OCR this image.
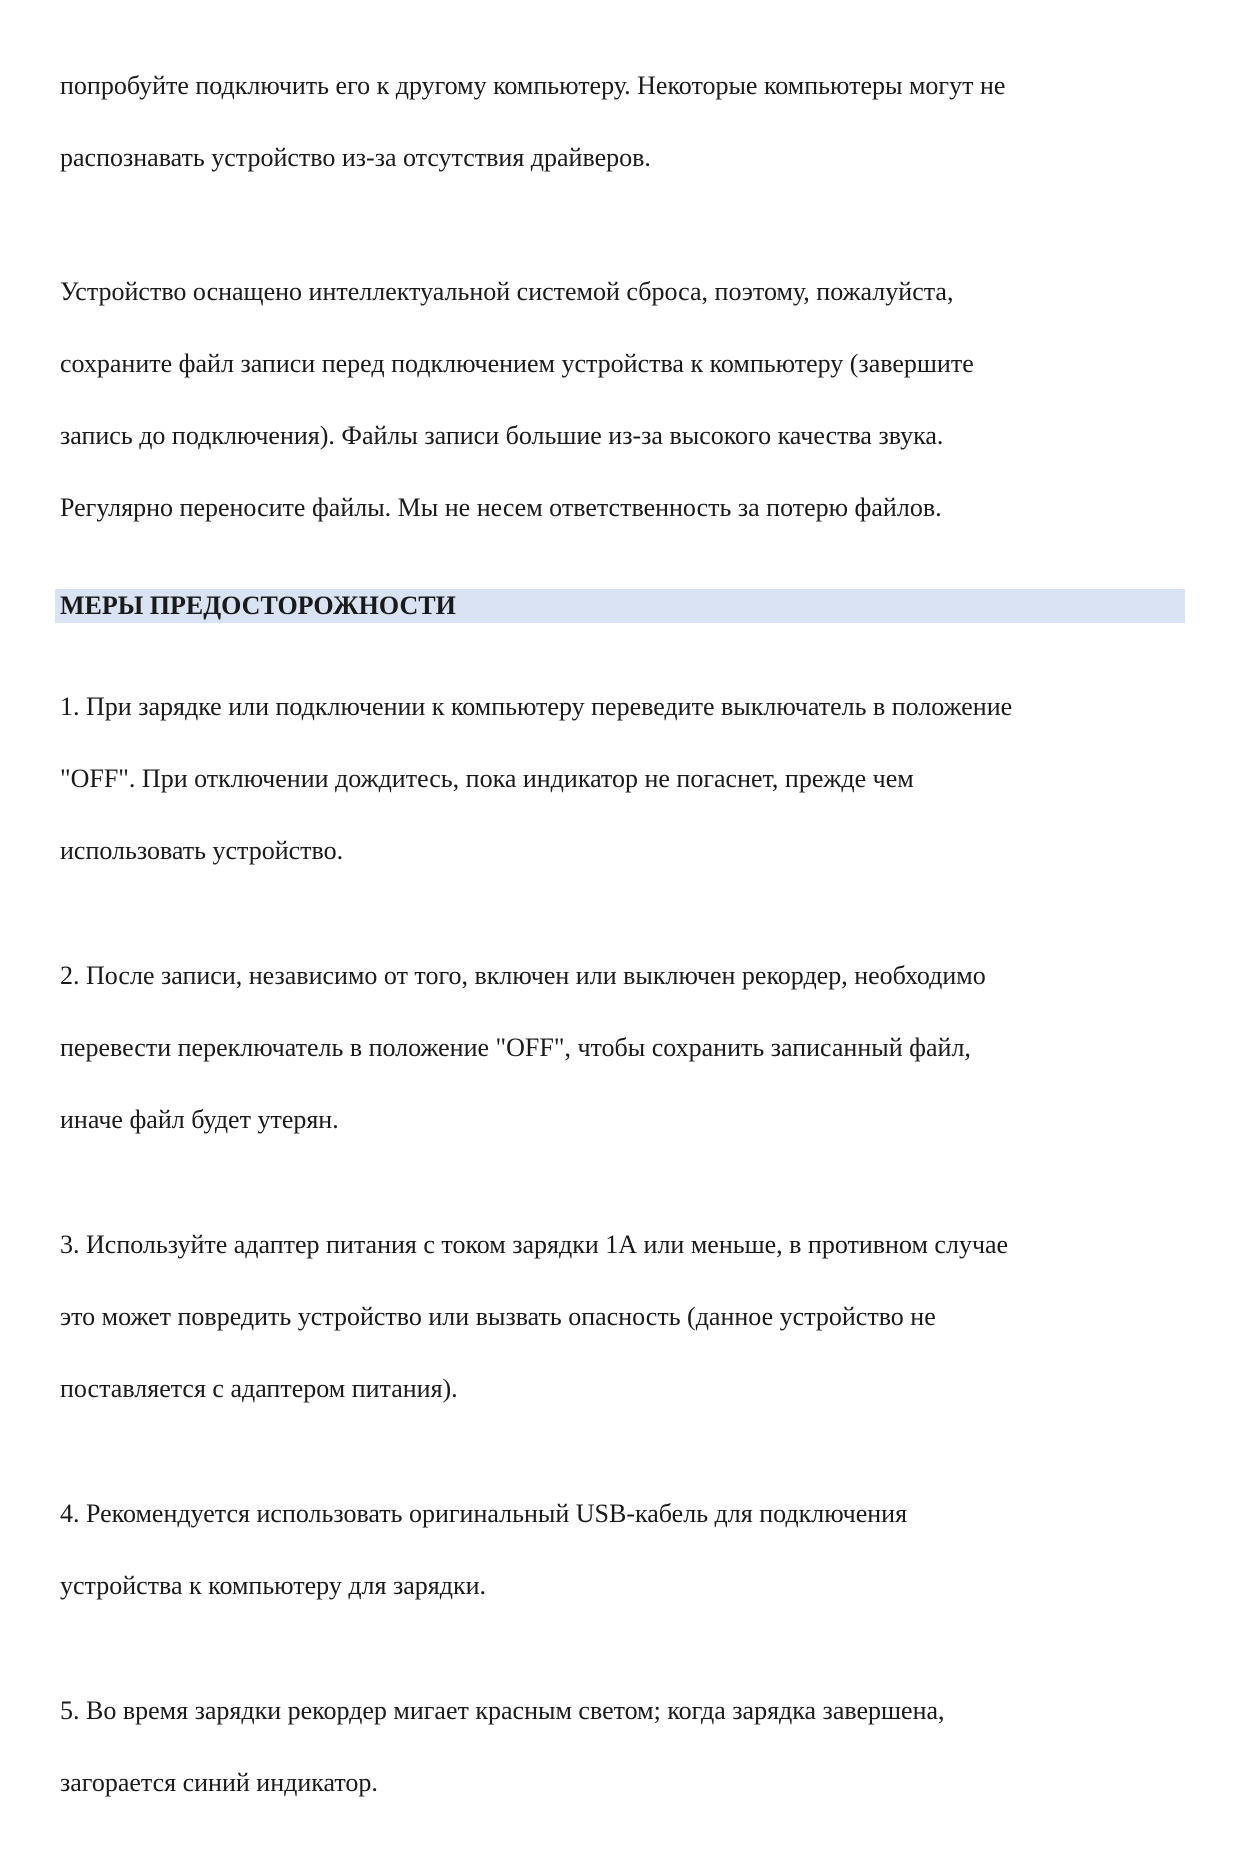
попробуйте подключить его к другому компьютеру. Некоторые компьютеры могут не

распознавать устройство из-за отсутствия драйверов.

Устройство оснащено интеллектуальной системой сброса, поэтому, пожалуйста,

сохраните файл записи перед подключением устройства к компьютеру (завершите

запись до подключения). Файлы записи большие из-за высокого качества звука.

Регулярно переносите файлы. Мы не несем ответственность за потерю файлов.

МЕРЫ ПРЕДОСТОРОЖНОСТИ

1. При зарядке или подключении к компьютеру переведите выключатель в положение

"OFF". При отключении дождитесь, пока индикатор не погаснет, прежде чем

использовать устройство.

2. После записи, независимо от того, включен или выключен рекордер, необходимо

перевести переключатель в положение "OFF", чтобы сохранить записанный файл,

иначе файл будет утерян.

3. Используйте адаптер питания с током зарядки 1А или меньше, в противном случае

это может повредить устройство или вызвать опасность (данное устройство не

поставляется с адаптером питания).

4. Рекомендуется использовать оригинальный USB-кабель для подключения

устройства к компьютеру для зарядки.

5. Во время зарядки рекордер мигает красным светом; когда зарядка завершена,

загорается синий индикатор.
